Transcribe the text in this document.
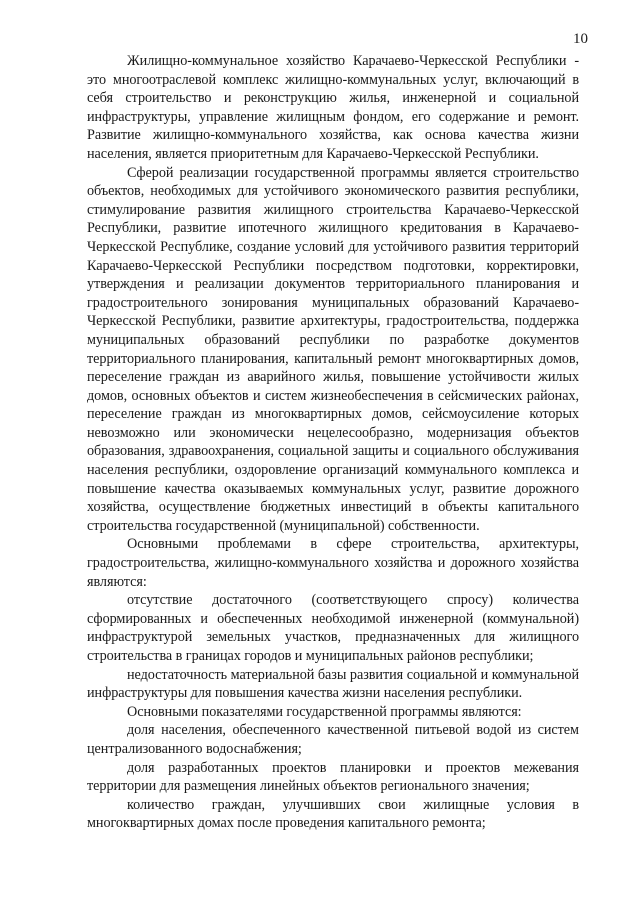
10

Жилищно-коммунальное хозяйство Карачаево-Черкесской Республики - это многоотраслевой комплекс жилищно-коммунальных услуг, включающий в себя строительство и реконструкцию жилья, инженерной и социальной инфраструктуры, управление жилищным фондом, его содержание и ремонт. Развитие жилищно-коммунального хозяйства, как основа качества жизни населения, является приоритетным для Карачаево-Черкесской Республики.

Сферой реализации государственной программы является строительство объектов, необходимых для устойчивого экономического развития республики, стимулирование развития жилищного строительства Карачаево-Черкесской Республики, развитие ипотечного жилищного кредитования в Карачаево-Черкесской Республике, создание условий для устойчивого развития территорий Карачаево-Черкесской Республики посредством подготовки, корректировки, утверждения и реализации документов территориального планирования и градостроительного зонирования муниципальных образований Карачаево-Черкесской Республики, развитие архитектуры, градостроительства, поддержка муниципальных образований республики по разработке документов территориального планирования, капитальный ремонт многоквартирных домов, переселение граждан из аварийного жилья, повышение устойчивости жилых домов, основных объектов и систем жизнеобеспечения в сейсмических районах, переселение граждан из многоквартирных домов, сейсмоусиление которых невозможно или экономически нецелесообразно, модернизация объектов образования, здравоохранения, социальной защиты и социального обслуживания населения республики, оздоровление организаций коммунального комплекса и повышение качества оказываемых коммунальных услуг, развитие дорожного хозяйства, осуществление бюджетных инвестиций в объекты капитального строительства государственной (муниципальной) собственности.

Основными проблемами в сфере строительства, архитектуры, градостроительства, жилищно-коммунального хозяйства и дорожного хозяйства являются:

отсутствие достаточного (соответствующего спросу) количества сформированных и обеспеченных необходимой инженерной (коммунальной) инфраструктурой земельных участков, предназначенных для жилищного строительства в границах городов и муниципальных районов республики;

недостаточность материальной базы развития социальной и коммунальной инфраструктуры для повышения качества жизни населения республики.

Основными показателями государственной программы являются:

доля населения, обеспеченного качественной питьевой водой из систем централизованного водоснабжения;

доля разработанных проектов планировки и проектов межевания территории для размещения линейных объектов регионального значения;

количество граждан, улучшивших свои жилищные условия в многоквартирных домах после проведения капитального ремонта;
